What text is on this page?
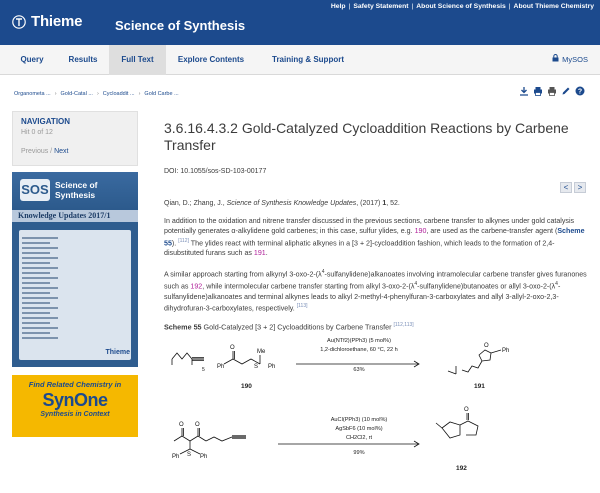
Help | Safety Statement | About Science of Synthesis | About Thieme Chemistry
Thieme	Science of Synthesis
Query	Results	Full Text	Explore Contents	Training & Support	MySOS
Organometa ... › Gold-Catal ... › Cycloaddit ... › Gold Carbe ...	?
NAVIGATION
Hit 0 of 12
Previous / Next
SOS Science of
Synthesis
Knowledge Updates 2017/1
Thieme
Find Related Chemistry in
SynOne
Synthesis in Context
3.6.16.4.3.2 Gold-Catalyzed Cycloaddition Reactions by Carbene Transfer
DOI: 10.1055/sos-SD-103-00177
<	>
Qian, D.; Zhang, J., Science of Synthesis Knowledge Updates, (2017) 1, 52.
In addition to the oxidation and nitrene transfer discussed in the previous sections, carbene transfer to alkynes under gold catalysis potentially generates α-alkylidene gold carbenes; in this case, sulfur ylides, e.g. 190, are used as the carbene-transfer agent (Scheme 55). [112] The ylides react with terminal aliphatic alkynes in a [3 + 2]-cycloaddition fashion, which leads to the formation of 2,4-disubstituted furans such as 191.
A similar approach starting from alkynyl $3-oxo-2-(\lambda^4-sulfanylidene)alkanoates$ involving intramolecular carbene transfer gives furanones such as 192, while intermolecular carbene transfer starting from alkyl $3-oxo-2-(\lambda^4-sulfanylidene)butanoates$ or allyl $3-oxo-2-(\lambda^4-sulfanylidene)alkanoates$ and terminal alkynes leads to alkyl 2-methyl-4-phenylfuran-3-carboxylates and allyl 3-allyl-2-oxo-2,3-dihydrofuran-3-carboxylates, respectively. [113]
Scheme 55 Gold-Catalyzed [3 + 2] Cycloadditions by Carbene Transfer [112,113]
5 Ph
O
Me
S Ph
Ph
O
Ph S Ph
O O
O
Au(NTf2)(PPh3) (5 mol%)
1,2-dichloroethane, 60 °C, 22 h
63%
190	191
AuCl(PPh3) (10 mol%)
AgSbF6 (10 mol%)
CH2Cl2, rt
99%
192
